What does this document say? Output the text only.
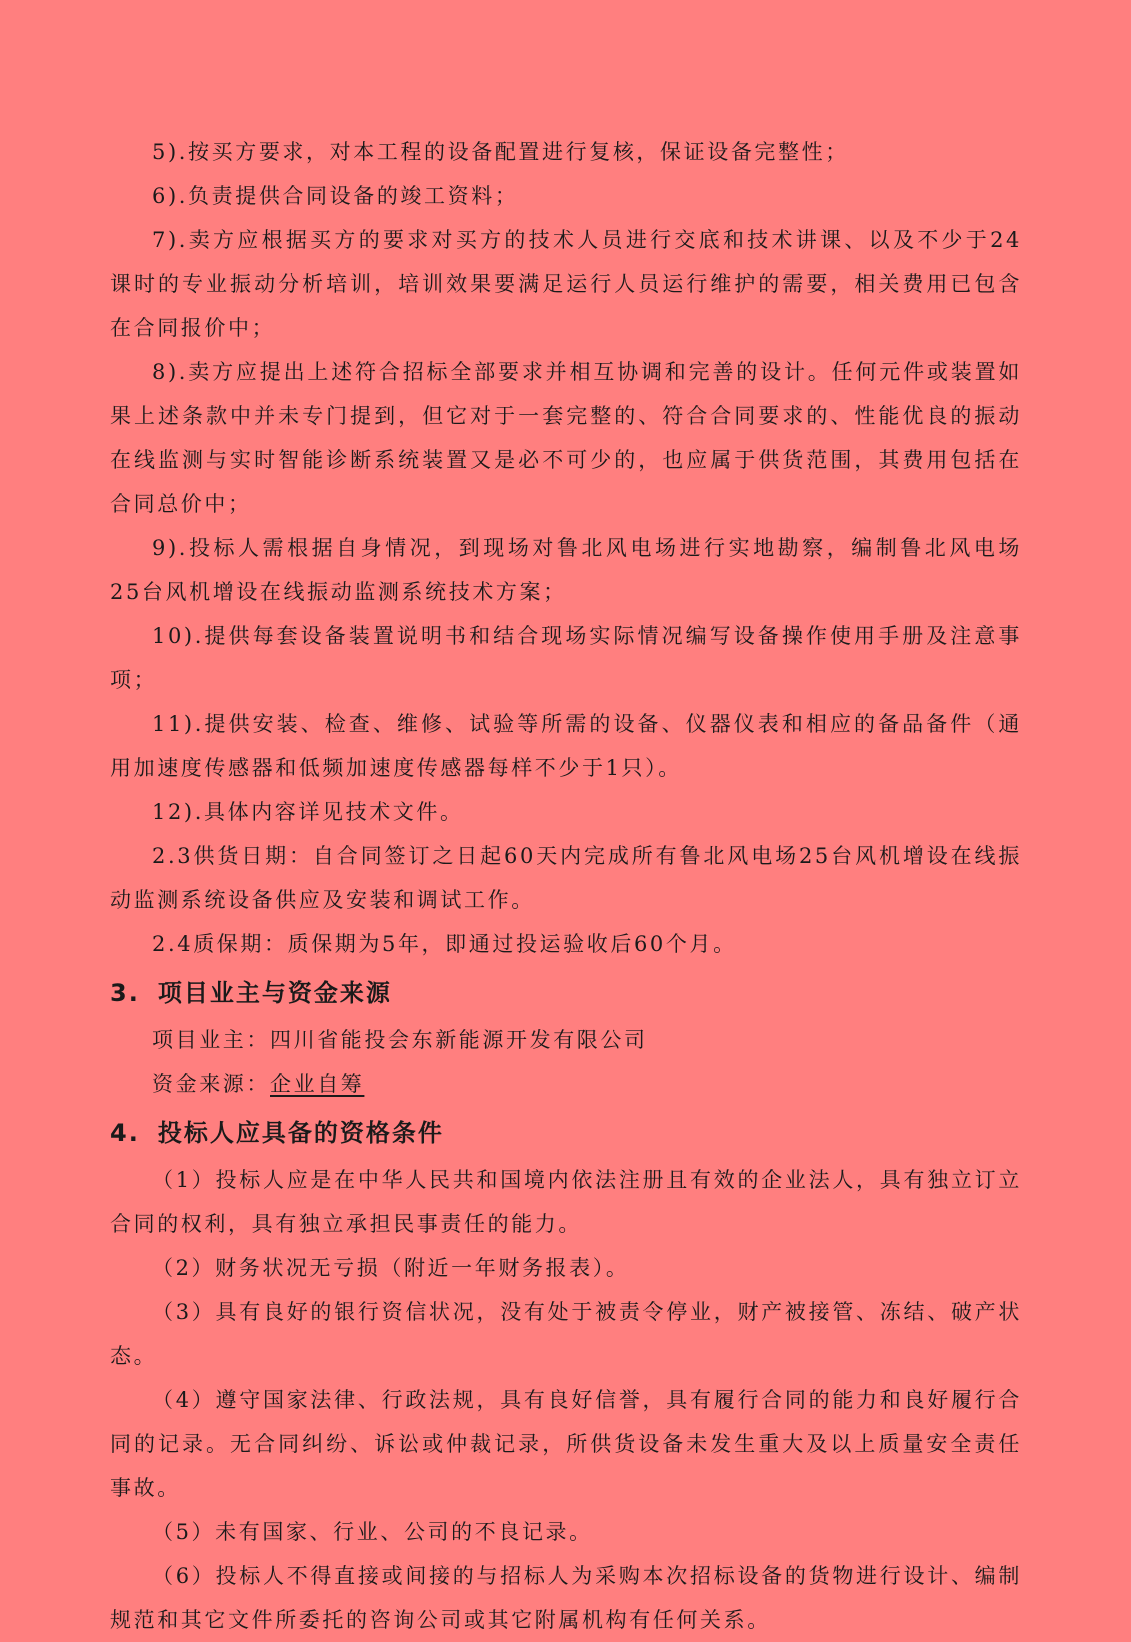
5).按买方要求，对本工程的设备配置进行复核，保证设备完整性；

6).负责提供合同设备的竣工资料；

7).卖方应根据买方的要求对买方的技术人员进行交底和技术讲课、以及不少于24课时的专业振动分析培训，培训效果要满足运行人员运行维护的需要，相关费用已包含在合同报价中；

8).卖方应提出上述符合招标全部要求并相互协调和完善的设计。任何元件或装置如果上述条款中并未专门提到，但它对于一套完整的、符合合同要求的、性能优良的振动在线监测与实时智能诊断系统装置又是必不可少的，也应属于供货范围，其费用包括在合同总价中；

9).投标人需根据自身情况，到现场对鲁北风电场进行实地勘察，编制鲁北风电场25台风机增设在线振动监测系统技术方案；

10).提供每套设备装置说明书和结合现场实际情况编写设备操作使用手册及注意事项；

11).提供安装、检查、维修、试验等所需的设备、仪器仪表和相应的备品备件（通用加速度传感器和低频加速度传感器每样不少于1只）。

12).具体内容详见技术文件。

2.3供货日期：自合同签订之日起60天内完成所有鲁北风电场25台风机增设在线振动监测系统设备供应及安装和调试工作。

2.4质保期：质保期为5年，即通过投运验收后60个月。

3. 项目业主与资金来源

项目业主：四川省能投会东新能源开发有限公司

资金来源：企业自筹

4. 投标人应具备的资格条件

（1）投标人应是在中华人民共和国境内依法注册且有效的企业法人，具有独立订立合同的权利，具有独立承担民事责任的能力。

（2）财务状况无亏损（附近一年财务报表）。

（3）具有良好的银行资信状况，没有处于被责令停业，财产被接管、冻结、破产状态。

（4）遵守国家法律、行政法规，具有良好信誉，具有履行合同的能力和良好履行合同的记录。无合同纠纷、诉讼或仲裁记录，所供货设备未发生重大及以上质量安全责任事故。

（5）未有国家、行业、公司的不良记录。

（6）投标人不得直接或间接的与招标人为采购本次招标设备的货物进行设计、编制规范和其它文件所委托的咨询公司或其它附属机构有任何关系。
